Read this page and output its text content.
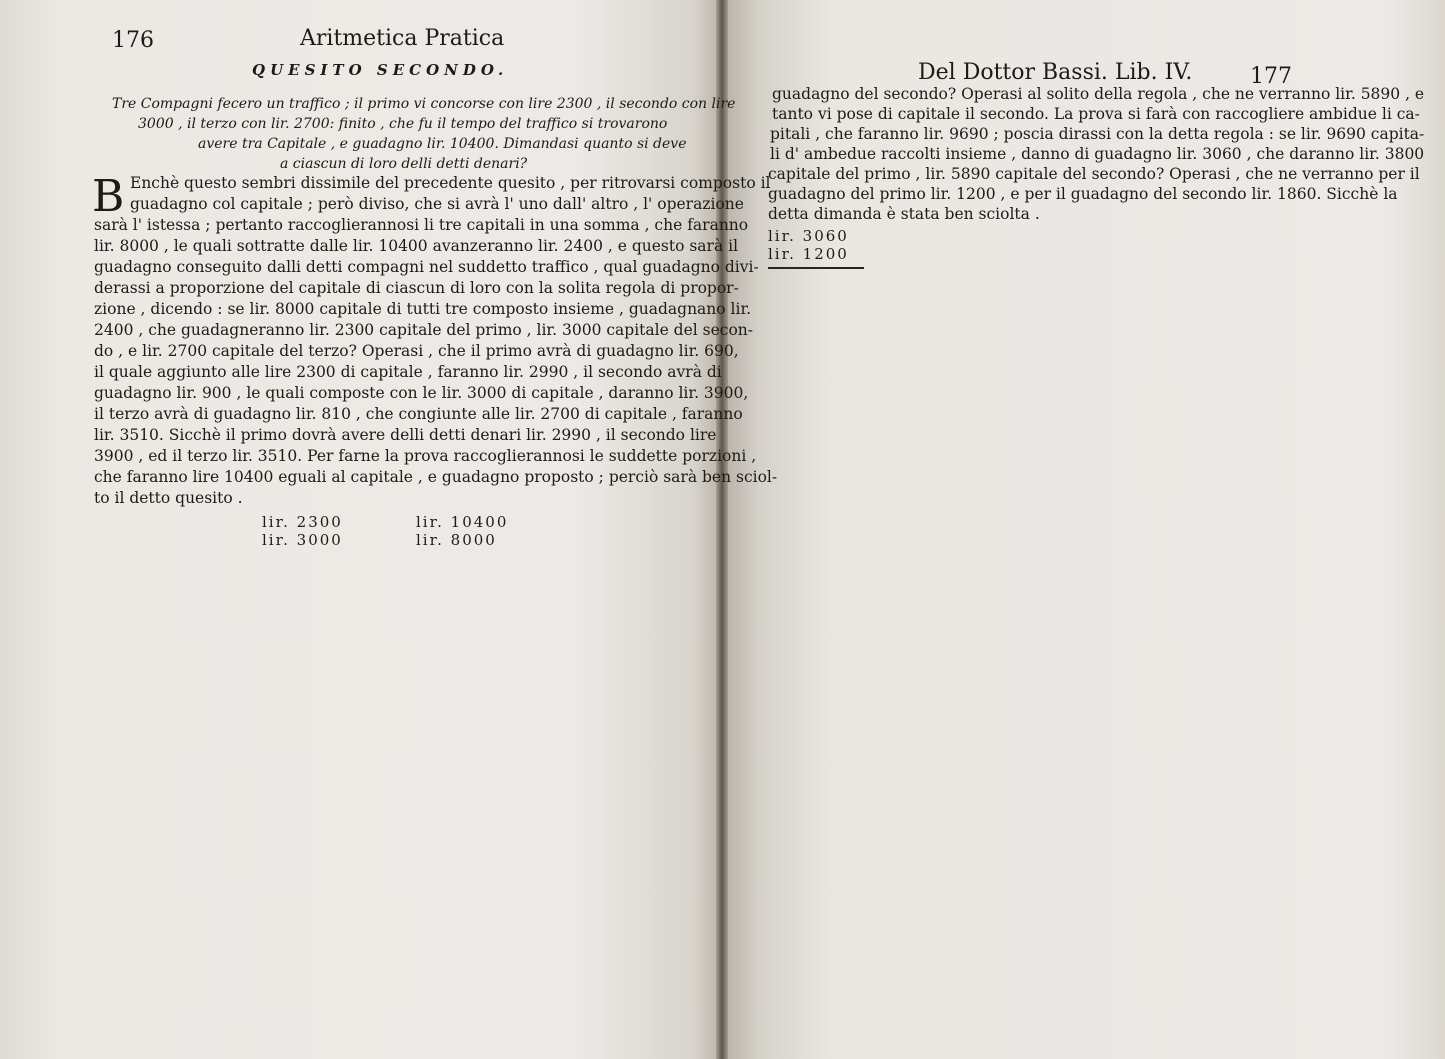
176	Aritmetica Pratica
QUESITO SECONDO.
Tre Compagni fecero un traffico ; il primo vi concorse con lire 2300 , il secondo con lire
3000 , il terzo con lir. 2700: finito , che fu il tempo del traffico si trovarono
avere tra Capitale , e guadagno lir. 10400. Dimandasi quanto si deve
a ciascun di loro delli detti denari?
B Enchè questo sembri dissimile del precedente quesito , per ritrovarsi composto il
guadagno col capitale ; però diviso, che si avrà l' uno dall' altro , l' operazione
sarà l' istessa ; pertanto raccoglierannosi li tre capitali in una somma , che faranno
lir. 8000 , le quali sottratte dalle lir. 10400 avanzeranno lir. 2400 , e questo sarà il
guadagno conseguito dalli detti compagni nel suddetto traffico , qual guadagno divi-
derassi a proporzione del capitale di ciascun di loro con la solita regola di propor-
zione , dicendo : se lir. 8000 capitale di tutti tre composto insieme , guadagnano lir.
2400 , che guadagneranno lir. 2300 capitale del primo , lir. 3000 capitale del secon-
do , e lir. 2700 capitale del terzo? Operasi , che il primo avrà di guadagno lir. 690,
il quale aggiunto alle lire 2300 di capitale , faranno lir. 2990 , il secondo avrà di
guadagno lir. 900 , le quali composte con le lir. 3000 di capitale , daranno lir. 3900,
il terzo avrà di guadagno lir. 810 , che congiunte alle lir. 2700 di capitale , faranno
lir. 3510. Sicchè il primo dovrà avere delli detti denari lir. 2990 , il secondo lire
3900 , ed il terzo lir. 3510. Per farne la prova raccoglierannosi le suddette porzioni ,
che faranno lire 10400 eguali al capitale , e guadagno proposto ; perciò sarà ben sciol-
to il detto quesito .
lir. 2300
lir. 3000
lir. 10400
lir. 8000
Del Dottor Bassi. Lib. IV.	177
guadagno del secondo? Operasi al solito della regola , che ne verranno lir. 5890 , e
tanto vi pose di capitale il secondo. La prova si farà con raccogliere ambidue li ca-
pitali , che faranno lir. 9690 ; poscia dirassi con la detta regola : se lir. 9690 capita-
li d' ambedue raccolti insieme , danno di guadagno lir. 3060 , che daranno lir. 3800
capitale del primo , lir. 5890 capitale del secondo? Operasi , che ne verranno per il
guadagno del primo lir. 1200 , e per il guadagno del secondo lir. 1860. Sicchè la
detta dimanda è stata ben sciolta .
lir. 3060
lir. 1200
